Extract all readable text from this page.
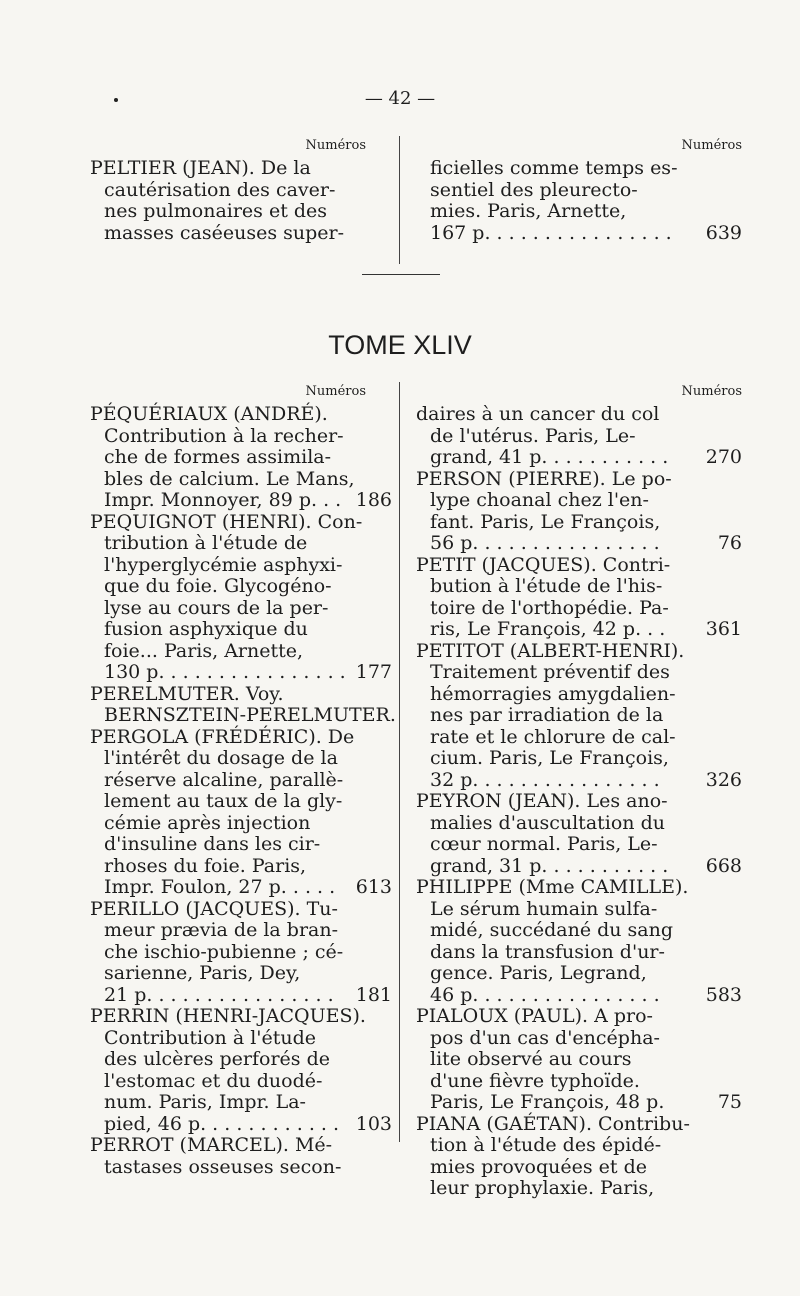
— 42 —
Numéros
PELTIER (JEAN). De la
cautérisation des caver-
nes pulmonaires et des
masses caséeuses super-
Numéros
ficielles comme temps es-
sentiel des pleurecto-
mies. Paris, Arnette,
167 p. . . . . . . . . . . . . . . .	639
TOME XLIV
Numéros
PÉQUÉRIAUX (ANDRÉ).
Contribution à la recher-
che de formes assimila-
bles de calcium. Le Mans,
Impr. Monnoyer, 89 p. . . 186
PEQUIGNOT (HENRI). Con-
tribution à l'étude de
l'hyperglycémie asphyxi-
que du foie. Glycogéno-
lyse au cours de la per-
fusion asphyxique du
foie... Paris, Arnette,
130 p. . . . . . . . . . . . . . . . 177
PERELMUTER. Voy.
BERNSZTEIN-PERELMUTER.
PERGOLA (FRÉDÉRIC). De
l'intérêt du dosage de la
réserve alcaline, parallè-
lement au taux de la gly-
cémie après injection
d'insuline dans les cir-
rhoses du foie. Paris,
Impr. Foulon, 27 p. . . . .	613
PERILLO (JACQUES). Tu-
meur prævia de la bran-
che ischio-pubienne ; cé-
sarienne, Paris, Dey,
21 p. . . . . . . . . . . . . . . .	181
PERRIN (HENRI-JACQUES).
Contribution à l'étude
des ulcères perforés de
l'estomac et du duodé-
num. Paris, Impr. La-
pied, 46 p. . . . . . . . . . . . 103
PERROT (MARCEL). Mé-
tastases osseuses secon-
Numéros
daires à un cancer du col
de l'utérus. Paris, Le-
grand, 41 p. . . . . . . . . . .	270
PERSON (PIERRE). Le po-
lype choanal chez l'en-
fant. Paris, Le François,
56 p. . . . . . . . . . . . . . . .	76
PETIT (JACQUES). Contri-
bution à l'étude de l'his-
toire de l'orthopédie. Pa-
ris, Le François, 42 p. . .	361
PETITOT (ALBERT-HENRI).
Traitement préventif des
hémorragies amygdalien-
nes par irradiation de la
rate et le chlorure de cal-
cium. Paris, Le François,
32 p. . . . . . . . . . . . . . . .	326
PEYRON (JEAN). Les ano-
malies d'auscultation du
cœur normal. Paris, Le-
grand, 31 p. . . . . . . . . . .	668
PHILIPPE (Mme CAMILLE).
Le sérum humain sulfa-
midé, succédané du sang
dans la transfusion d'ur-
gence. Paris, Legrand,
46 p. . . . . . . . . . . . . . . .	583
PIALOUX (PAUL). A pro-
pos d'un cas d'encépha-
lite observé au cours
d'une fièvre typhoïde.
Paris, Le François, 48 p.	75
PIANA (GAÉTAN). Contribu-
tion à l'étude des épidé-
mies provoquées et de
leur prophylaxie. Paris,
